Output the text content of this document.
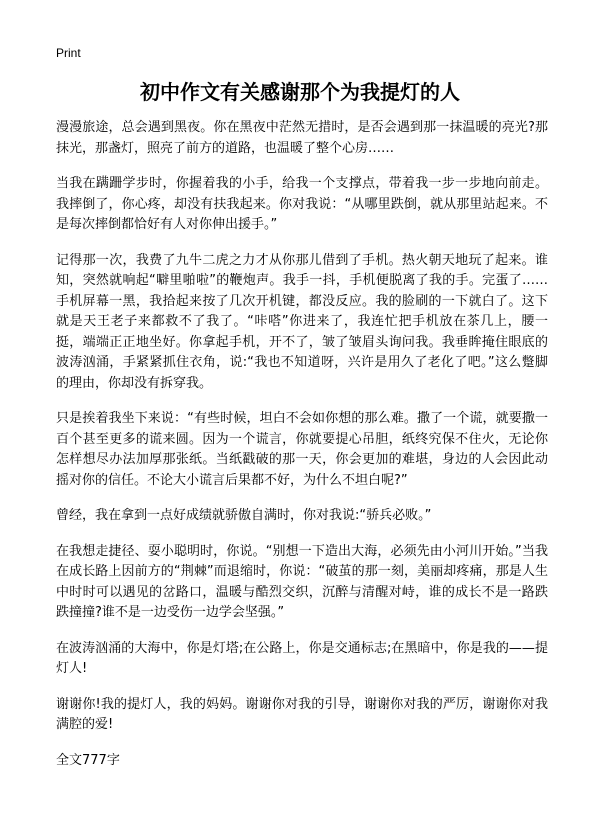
Print
初中作文有关感谢那个为我提灯的人

漫漫旅途，总会遇到黑夜。你在黑夜中茫然无措时，是否会遇到那一抹温暖的亮光?那抹光，那盏灯，照亮了前方的道路，也温暖了整个心房……

当我在蹒跚学步时，你握着我的小手，给我一个支撑点，带着我一步一步地向前走。我摔倒了，你心疼，却没有扶我起来。你对我说：“从哪里跌倒，就从那里站起来。不是每次摔倒都恰好有人对你伸出援手。”

记得那一次，我费了九牛二虎之力才从你那儿借到了手机。热火朝天地玩了起来。谁知，突然就响起“噼里啪啦”的鞭炮声。我手一抖，手机便脱离了我的手。完蛋了……手机屏幕一黑，我拾起来按了几次开机键，都没反应。我的脸刷的一下就白了。这下就是天王老子来都救不了我了。“咔嗒”你进来了，我连忙把手机放在茶几上，腰一挺，端端正正地坐好。你拿起手机，开不了，皱了皱眉头询问我。我垂眸掩住眼底的波涛汹涌，手紧紧抓住衣角，说:“我也不知道呀，兴许是用久了老化了吧。”这么蹩脚的理由，你却没有拆穿我。

只是挨着我坐下来说：“有些时候，坦白不会如你想的那么难。撒了一个谎，就要撒一百个甚至更多的谎来圆。因为一个谎言，你就要提心吊胆，纸终究保不住火，无论你怎样想尽办法加厚那张纸。当纸戳破的那一天，你会更加的难堪，身边的人会因此动摇对你的信任。不论大小谎言后果都不好，为什么不坦白呢?”

曾经，我在拿到一点好成绩就骄傲自满时，你对我说:“骄兵必败。”

在我想走捷径、耍小聪明时，你说。“别想一下造出大海，必须先由小河川开始。”当我在成长路上因前方的“荆棘”而退缩时，你说：“破茧的那一刻，美丽却疼痛，那是人生中时时可以遇见的岔路口，温暖与酷烈交织，沉醉与清醒对峙，谁的成长不是一路跌跌撞撞?谁不是一边受伤一边学会坚强。”

在波涛汹涌的大海中，你是灯塔;在公路上，你是交通标志;在黑暗中，你是我的——提灯人!

谢谢你!我的提灯人，我的妈妈。谢谢你对我的引导，谢谢你对我的严厉，谢谢你对我满腔的爱!

全文777字
